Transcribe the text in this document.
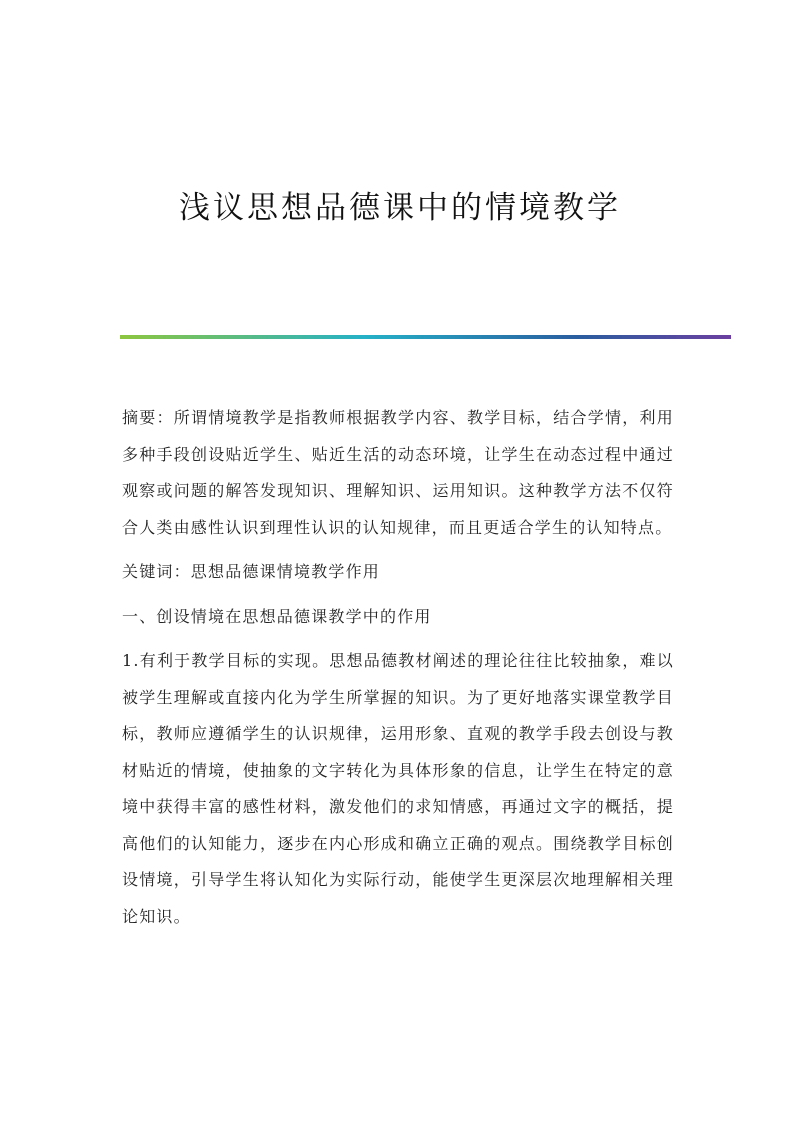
浅议思想品德课中的情境教学

摘要：所谓情境教学是指教师根据教学内容、教学目标，结合学情，利用多种手段创设贴近学生、贴近生活的动态环境，让学生在动态过程中通过观察或问题的解答发现知识、理解知识、运用知识。这种教学方法不仅符合人类由感性认识到理性认识的认知规律，而且更适合学生的认知特点。

关键词：思想品德课情境教学作用

一、创设情境在思想品德课教学中的作用

1.有利于教学目标的实现。思想品德教材阐述的理论往往比较抽象，难以被学生理解或直接内化为学生所掌握的知识。为了更好地落实课堂教学目标，教师应遵循学生的认识规律，运用形象、直观的教学手段去创设与教材贴近的情境，使抽象的文字转化为具体形象的信息，让学生在特定的意境中获得丰富的感性材料，激发他们的求知情感，再通过文字的概括，提高他们的认知能力，逐步在内心形成和确立正确的观点。围绕教学目标创设情境，引导学生将认知化为实际行动，能使学生更深层次地理解相关理论知识。
